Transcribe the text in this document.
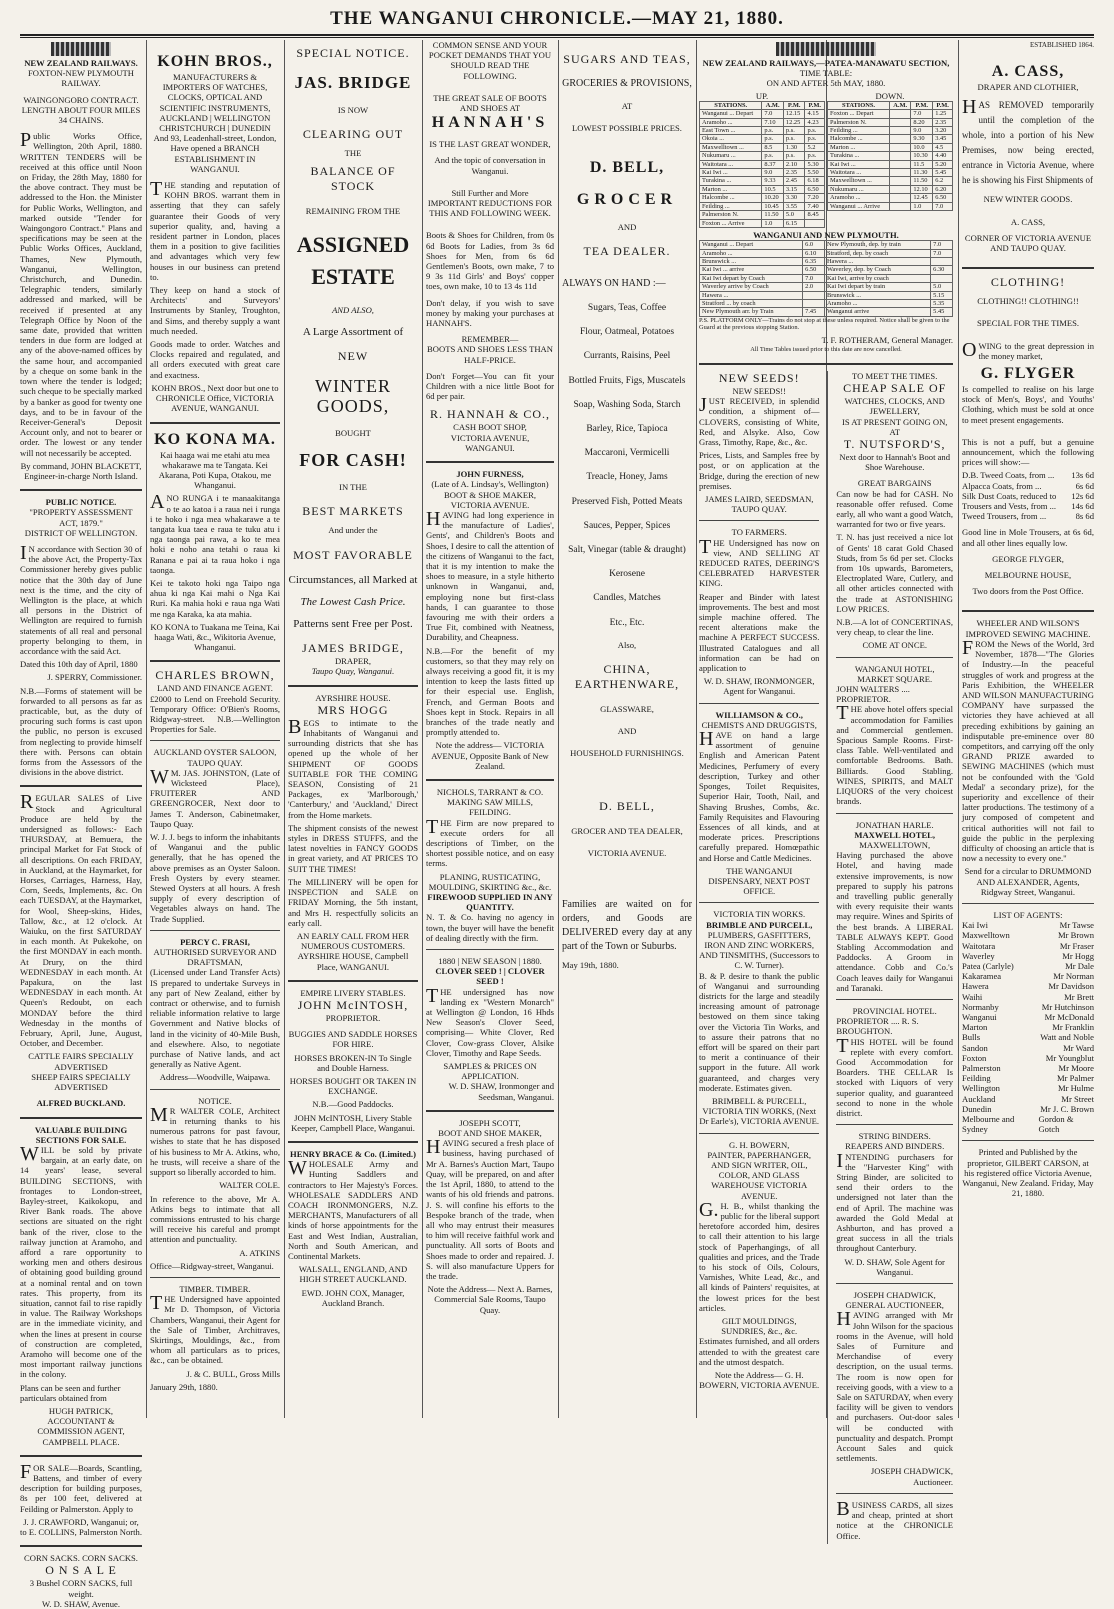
THE WANGANUI CHRONICLE.—MAY 21, 1880.
NEW ZEALAND RAILWAYS.
FOXTON-NEW PLYMOUTH RAILWAY.
WAINGONGORO CONTRACT.
LENGTH ABOUT FOUR MILES 34 CHAINS.

Public Works Office, Wellington, 20th April, 1880. WRITTEN TENDERS will be received at this office until Noon on Friday, the 28th May, 1880 for the above contract. They must be addressed to the Hon. the Minister for Public Works, Wellington, and marked outside "Tender for Waingongoro Contract." Plans and specifications may be seen at the Public Works Offices, Auckland, Thames, New Plymouth, Wanganui, Wellington, Christchurch, and Dunedin. Telegraphic tenders, similarly addressed and marked, will be received if presented at any Telegraph Office by Noon of the same date, provided that written tenders in due form are lodged at any of the above-named offices by the same hour, and accompanied by a cheque on some bank in the town where the tender is lodged; such cheque to be specially marked by a banker as good for twenty one days, and to be in favour of the Receiver-General's Deposit Account only, and not to bearer or order. The lowest or any tender will not necessarily be accepted.

By command, JOHN BLACKETT, Engineer-in-charge North Island.

PUBLIC NOTICE.
"PROPERTY ASSESSMENT ACT, 1879."
DISTRICT OF WELLINGTON.

IN accordance with Section 30 of the above Act, the Property-Tax Commissioner hereby gives public notice that the 30th day of June next is the time, and the city of Wellington is the place, at which all persons in the District of Wellington are required to furnish statements of all real and personal property belonging to them, in accordance with the said Act.

Dated this 10th day of April, 1880

J. SPERRY, Commissioner.

N.B.—Forms of statement will be forwarded to all persons as far as practicable, but, as the duty of procuring such forms is cast upon the public, no person is excused from neglecting to provide himself there with. Persons can obtain forms from the Assessors of the divisions in the above district.

REGULAR SALES of Live Stock and Agricultural Produce are held by the undersigned as follows:- Each THURSDAY, at Bemuera, the principal Market for Fat Stock of all descriptions. On each FRIDAY, in Auckland, at the Haymarket, for Horses, Carriages, Harness, Hay, Corn, Seeds, Implements, &c. On each TUESDAY, at the Haymarket, for Wool, Sheep-skins, Hides, Tallow, &c., at 12 o'clock. At Waiuku, on the first SATURDAY in each month. At Pukekohe, on the first MONDAY in each month. At Drury, on the third WEDNESDAY in each month. At Papakura, on the last WEDNESDAY in each month. At Queen's Redoubt, on each MONDAY before the third Wednesday in the months of February, April, June, August, October, and December.

CATTLE FAIRS SPECIALLY ADVERTISED
SHEEP FAIRS SPECIALLY ADVERTISED
ALFRED BUCKLAND.
VALUABLE BUILDING SECTIONS FOR SALE.

WILL be sold by private bargain, at an early date, on 14 years' lease, several BUILDING SECTIONS, with frontages to London-street, Bayley-street, Kaikokopu, and River Bank roads. The above sections are situated on the right bank of the river, close to the railway junction at Aramoho, and afford a rare opportunity to working men and others desirous of obtaining good building ground at a nominal rental and on town rates. This property, from its situation, cannot fail to rise rapidly in value. The Railway Workshops are in the immediate vicinity, and when the lines at present in course of construction are completed, Aramoho will become one of the most important railway junctions in the colony.

Plans can be seen and further particulars obtained from

HUGH PATRICK, ACCOUNTANT & COMMISSION AGENT, CAMPBELL PLACE.

FOR SALE—Boards, Scantling, Battens, and timber of every description for building purposes, 8s per 100 feet, delivered at Feilding or Palmerston. Apply to

J. J. CRAWFORD, Wanganui; or, to E. COLLINS, Palmerston North.

CORN SACKS. CORN SACKS.
O N S A L E
3 Bushel CORN SACKS, full weight.
W. D. SHAW, Avenue.
KOHN BROS.,
MANUFACTURERS & IMPORTERS OF WATCHES, CLOCKS, OPTICAL AND SCIENTIFIC INSTRUMENTS,
AUCKLAND | WELLINGTON CHRISTCHURCH | DUNEDIN
And 93, Leadenhall-street, London, Have opened a BRANCH ESTABLISHMENT IN WANGANUI.

THE standing and reputation of KOHN BROS. warrant them in asserting that they can safely guarantee their Goods of very superior quality, and, having a resident partner in London, places them in a position to give facilities and advantages which very few houses in our business can pretend to.

They keep on hand a stock of Architects' and Surveyors' Instruments by Stanley, Troughton, and Sims, and thereby supply a want much needed.

Goods made to order. Watches and Clocks repaired and regulated, and all orders executed with great care and exactness.

KOHN BROS., Next door but one to CHRONICLE Office, VICTORIA AVENUE, WANGANUI.

KO KONA MA.

Kai haaga wai me etahi atu mea whakarawe ma te Tangata. Kei Akarana, Poti Kupa, Otakou, me Whanganui.

ANO RUNGA i te manaakitanga o te ao katoa i a raua nei i runga i te hoko i nga mea whakarawe a te tangata kua taea e raua te tuku atu i nga taonga pai rawa, a ko te mea hoki e noho ana tetahi o raua ki Ranana e pai ai ta raua hoko i nga taonga.

Kei te takoto hoki nga Taipo nga ahua ki nga Kai mahi o Nga Kai Ruri. Ka mahia hoki e raua nga Wati me nga Karaka, ka ata mahia.

KO KONA to Tuakana me Teina, Kai haaga Wati, &c., Wikitoria Avenue, Whanganui.

CHARLES BROWN,
LAND AND FINANCE AGENT.

£2000 to Lend on Freehold Security. Temporary Office: O'Bien's Rooms, Ridgway-street. N.B.—Wellington Properties for Sale.

AUCKLAND OYSTER SALOON, TAUPO QUAY.

WM. JAS. JOHNSTON, (Late of Wicksteed Place), FRUITERER AND GREENGROCER, Next door to James T. Anderson, Cabinetmaker, Taupo Quay.

W. J. J. begs to inform the inhabitants of Wanganui and the public generally, that he has opened the above premises as an Oyster Saloon. Fresh Oysters by every steamer. Stewed Oysters at all hours. A fresh supply of every description of Vegetables always on hand. The Trade Supplied.

PERCY C. FRASI,
AUTHORISED SURVEYOR AND DRAFTSMAN,

(Licensed under Land Transfer Acts) IS prepared to undertake Surveys in any part of New Zealand, either by contract or otherwise, and to furnish reliable information relative to large Government and Native blocks of land in the vicinity of 40-Mile Bush, and elsewhere. Also, to negotiate purchase of Native lands, and act generally as Native Agent.

Address—Woodville, Waipawa.

NOTICE.

MR WALTER COLE, Architect in returning thanks to his numerous patrons for past favour, wishes to state that he has disposed of his business to Mr A. Atkins, who, he trusts, will receive a share of the support so liberally accorded to him.

WALTER COLE.

In reference to the above, Mr A. Atkins begs to intimate that all commissions entrusted to his charge will receive his careful and prompt attention and punctuality.

A. ATKINS

Office—Ridgway-street, Wanganui.

TIMBER. TIMBER.

THE Undersigned have appointed Mr D. Thompson, of Victoria Chambers, Wanganui, their Agent for the Sale of Timber, Architraves, Skirtings, Mouldings, &c., from whom all particulars as to prices, &c., can be obtained.

J. & C. BULL, Gross Mills

January 29th, 1880.

SPECIAL NOTICE.
JAS. BRIDGE
IS NOW
CLEARING OUT
THE
BALANCE OF STOCK
REMAINING FROM THE
ASSIGNED ESTATE
AND ALSO,
A Large Assortment of
NEW
WINTER GOODS,
BOUGHT
FOR CASH!
IN THE
BEST MARKETS
And under the
MOST FAVORABLE
Circumstances, all Marked at
The Lowest Cash Price.
Patterns sent Free per Post.
JAMES BRIDGE,
DRAPER,
Taupo Quay, Wanganui.
AYRSHIRE HOUSE.
MRS HOGG

BEGS to intimate to the Inhabitants of Wanganui and surrounding districts that she has opened up the whole of her SHIPMENT OF GOODS SUITABLE FOR THE COMING SEASON, Consisting of 21 Packages, ex 'Marlborough,' 'Canterbury,' and 'Auckland,' Direct from the Home markets.

The shipment consists of the newest styles in DRESS STUFFS, and the latest novelties in FANCY GOODS in great variety, and AT PRICES TO SUIT THE TIMES!

The MILLINERY will be open for INSPECTION and SALE on FRIDAY Morning, the 5th instant, and Mrs H. respectfully solicits an early call.

AN EARLY CALL FROM HER NUMEROUS CUSTOMERS.

AYRSHIRE HOUSE, Campbell Place, WANGANUI.

EMPIRE LIVERY STABLES.
JOHN McINTOSH,
PROPRIETOR.

BUGGIES AND SADDLE HORSES FOR HIRE.

HORSES BROKEN-IN To Single and Double Harness.

HORSES BOUGHT OR TAKEN IN EXCHANGE.

N.B.—Good Paddocks.

JOHN McINTOSH, Livery Stable Keeper, Campbell Place, Wanganui.

HENRY BRACE & Co. (Limited.)

WHOLESALE Army and Hunting Saddlers and contractors to Her Majesty's Forces. WHOLESALE SADDLERS AND COACH IRONMONGERS, N.Z. MERCHANTS, Manufacturers of all kinds of horse appointments for the East and West Indian, Australian, North and South American, and Continental Markets.

WALSALL, ENGLAND, AND HIGH STREET AUCKLAND.

EWD. JOHN COX, Manager, Auckland Branch.

COMMON SENSE AND YOUR POCKET DEMANDS THAT YOU SHOULD READ THE FOLLOWING.
THE GREAT SALE OF BOOTS AND SHOES AT
HANNAH'S
IS THE LAST GREAT WONDER,
And the topic of conversation in Wanganui.
Still Further and More IMPORTANT REDUCTIONS FOR THIS AND FOLLOWING WEEK.

Boots & Shoes for Children, from 0s 6d Boots for Ladies, from 3s 6d Shoes for Men, from 6s 6d Gentlemen's Boots, own make, 7 to 9 3s 11d Girls' and Boys' copper toes, own make, 10 to 13 4s 11d

Don't delay, if you wish to save money by making your purchases at HANNAH'S.

REMEMBER—
BOOTS AND SHOES LESS THAN HALF-PRICE.

Don't Forget—You can fit your Children with a nice little Boot for 6d per pair.

R. HANNAH & CO.,
CASH BOOT SHOP,
VICTORIA AVENUE, WANGANUI.
JOHN FURNESS,
(Late of A. Lindsay's, Wellington) BOOT & SHOE MAKER, VICTORIA AVENUE.

HAVING had long experience in the manufacture of Ladies', Gents', and Children's Boots and Shoes, I desire to call the attention of the citizens of Wanganui to the fact, that it is my intention to make the shoes to measure, in a style hitherto unknown in Wanganui, and, employing none but first-class hands, I can guarantee to those favouring me with their orders a True Fit, combined with Neatness, Durability, and Cheapness.

N.B.—For the benefit of my customers, so that they may rely on always receiving a good fit, it is my intention to keep the lasts fitted up for their especial use. English, French, and German Boots and Shoes kept in Stock. Repairs in all branches of the trade neatly and promptly attended to.

Note the address— VICTORIA AVENUE, Opposite Bank of New Zealand.

NICHOLS, TARRANT & CO.
MAKING SAW MILLS, FEILDING.

THE Firm are now prepared to execute orders for all descriptions of Timber, on the shortest possible notice, and on easy terms.

PLANING, RUSTICATING, MOULDING, SKIRTING &c., &c.
FIREWOOD SUPPLIED IN ANY QUANTITY.

N. T. & Co. having no agency in town, the buyer will have the benefit of dealing directly with the firm.

1880 | NEW SEASON | 1880.
CLOVER SEED ! | CLOVER SEED !

THE undersigned has now landing ex "Western Monarch" at Wellington @ London, 16 Hhds New Season's Clover Seed, comprising— White Clover, Red Clover, Cow-grass Clover, Alsike Clover, Timothy and Rape Seeds.

SAMPLES & PRICES ON APPLICATION.

W. D. SHAW, Ironmonger and Seedsman, Wanganui.

JOSEPH SCOTT,
BOOT AND SHOE MAKER,

HAVING secured a fresh place of business, having purchased of Mr A. Barnes's Auction Mart, Taupo Quay, will be prepared, on and after the 1st April, 1880, to attend to the wants of his old friends and patrons. J. S. will confine his efforts to the Bespoke branch of the trade, when all who may entrust their measures to him will receive faithful work and punctuality. All sorts of Boots and Shoes made to order and repaired. J. S. will also manufacture Uppers for the trade.

Note the Address— Next A. Barnes, Commercial Sale Rooms, Taupo Quay.

SUGARS AND TEAS,
GROCERIES & PROVISIONS,
AT
LOWEST POSSIBLE PRICES.
D. BELL,
GROCER
AND
TEA DEALER.
ALWAYS ON HAND :—
Sugars, Teas, Coffee
Flour, Oatmeal, Potatoes
Currants, Raisins, Peel
Bottled Fruits, Figs, Muscatels
Soap, Washing Soda, Starch
Barley, Rice, Tapioca
Maccaroni, Vermicelli
Treacle, Honey, Jams
Preserved Fish, Potted Meats
Sauces, Pepper, Spices
Salt, Vinegar (table & draught)
Kerosene
Candles, Matches
Etc., Etc.
Also,
CHINA, EARTHENWARE,
GLASSWARE,
AND
HOUSEHOLD FURNISHINGS.
D. BELL,
GROCER AND TEA DEALER,
VICTORIA AVENUE.

Families are waited on for orders, and Goods are DELIVERED every day at any part of the Town or Suburbs.

May 19th, 1880.
NEW ZEALAND RAILWAYS,—PATEA-MANAWATU SECTION,
TIME TABLE:
ON AND AFTER 5th MAY, 1880.
UP.
STATIONS.	A.M.	P.M.	P.M.
Wanganui ... Depart	7.0	12.15	4.15
Aramoho ...	7.10	12.25	4.23
East Town ...	p.s.	p.s.	p.s.
Okoia ...	p.s.	p.s.	p.s.
Maxwelltown ...	8.5	1.30	5.2
Nukumaru ...	p.s.	p.s.	p.s.
Waitotara ...	8.37	2.10	5.30
Kai Iwi ...	9.0	2.35	5.50
Turakina ...	9.33	2.45	6.18
Marton ...	10.5	3.15	6.50
Halcombe ...	10.20	3.30	7.20
Feilding ...	10.45	3.55	7.40
Palmerston N.	11.50	5.0	8.45
Foxton ... Arrive	1.0	6.15	
DOWN.
STATIONS.	A.M.	P.M.	P.M.
Foxton ... Depart		7.0	1.25
Palmerston N.		8.20	2.35
Feilding ...		9.0	3.20
Halcombe ...		9.30	3.45
Marton ...		10.0	4.5
Turakina ...		10.30	4.40
Kai Iwi ...		11.5	5.20
Waitotara ...		11.30	5.45
Maxwelltown ...		11.50	6.2
Nukumaru ...		12.10	6.20
Aramoho ...		12.45	6.50
Wanganui ... Arrive		1.0	7.0
WANGANUI AND NEW PLYMOUTH.
Wanganui ... Depart	6.0	New Plymouth, dep. by train	7.0
Aramoho ...	6.10	Stratford, dep. by coach	7.0
Brunswick ...	6.35	Hawera ...	
Kai Iwi ... arrive	6.50	Waverley, dep. by Coach	6.30
Kai Iwi depart by Coach	7.0	Kai Iwi, arrive by coach	
Waverley arrive by Coach	2.0	Kai Iwi depart by train	5.0
Hawera ...		Brunswick ...	5.15
Stratford ... by coach		Aramoho ...	5.35
New Plymouth arr. by Train	7.45	Wanganui arrive	5.45

P.S. PLATFORM ONLY—Trains do not stop at these unless required. Notice shall be given to the Guard at the previous stopping Station.

T. F. ROTHERAM, General Manager.
All Time Tables issued prior to this date are now cancelled.
NEW SEEDS!
NEW SEEDS!!

JUST RECEIVED, in splendid condition, a shipment of— CLOVERS, consisting of White, Red, and Alsyke. Also, Cow Grass, Timothy, Rape, &c., &c.

Prices, Lists, and Samples free by post, or on application at the Bridge, during the erection of new premises.

JAMES LAIRD, SEEDSMAN, TAUPO QUAY.

TO FARMERS.

THE Undersigned has now on view, AND SELLING AT REDUCED RATES, DEERING'S CELEBRATED HARVESTER KING.

Reaper and Binder with latest improvements. The best and most simple machine offered. The recent alterations make the machine A PERFECT SUCCESS. Illustrated Catalogues and all information can be had on application to

W. D. SHAW, IRONMONGER, Agent for Wanganui.

WILLIAMSON & CO.,
CHEMISTS AND DRUGGISTS,

HAVE on hand a large assortment of genuine English and American Patent Medicines, Perfumery of every description, Turkey and other Sponges, Toilet Requisites, Superior Hair, Tooth, Nail, and Shaving Brushes, Combs, &c. Family Requisites and Flavouring Essences of all kinds, and at moderate prices. Prescriptions carefully prepared. Homœpathic and Horse and Cattle Medicines.

THE WANGANUI DISPENSARY, NEXT POST OFFICE.
VICTORIA TIN WORKS.
BRIMBLE AND PURCELL,
PLUMBERS, GASFITTERS, IRON AND ZINC WORKERS, AND TINSMITHS, (Successors to C. W. Turner).

B. & P. desire to thank the public of Wanganui and surrounding districts for the large and steadily increasing amount of patronage bestowed on them since taking over the Victoria Tin Works, and to assure their patrons that no effort will be spared on their part to merit a continuance of their support in the future. All work guaranteed, and charges very moderate. Estimates given.

BRIMBELL & PURCELL, VICTORIA TIN WORKS, (Next Dr Earle's), VICTORIA AVENUE.

G. H. BOWERN,
PAINTER, PAPERHANGER, AND SIGN WRITER, OIL, COLOR, AND GLASS WAREHOUSE VICTORIA AVENUE.

G.H. B., whilst thanking the public for the liberal support heretofore accorded him, desires to call their attention to his large stock of Paperhangings, of all qualities and prices, and the Trade to his stock of Oils, Colours, Varnishes, White Lead, &c., and all kinds of Painters' requisites, at the lowest prices for the best articles.

GILT MOULDINGS, SUNDRIES, &c., &c.

Estimates furnished, and all orders attended to with the greatest care and the utmost despatch.

Note the Address— G. H. BOWERN, VICTORIA AVENUE.

TO MEET THE TIMES.
CHEAP SALE OF
WATCHES, CLOCKS, AND JEWELLERY,
IS AT PRESENT GOING ON, AT
T. NUTSFORD'S,
Next door to Hannah's Boot and Shoe Warehouse.
GREAT BARGAINS

Can now be had for CASH. No reasonable offer refused. Come early, all who want a good Watch, warranted for two or five years.

T. N. has just received a nice lot of Gents' 18 carat Gold Chased Studs, from 5s 6d per set. Clocks from 10s upwards, Barometers, Electroplated Ware, Cutlery, and all other articles connected with the trade at ASTONISHING LOW PRICES.

N.B.—A lot of CONCERTINAS, very cheap, to clear the line.

COME AT ONCE.
WANGANUI HOTEL,
MARKET SQUARE.
JOHN WALTERS .... PROPRIETOR.

THE above hotel offers special accommodation for Families and Commercial gentlemen. Spacious Sample Rooms. First-class Table. Well-ventilated and comfortable Bedrooms. Bath. Billiards. Good Stabling. WINES, SPIRITS, and MALT LIQUORS of the very choicest brands.

JONATHAN HARLE.
MAXWELL HOTEL,
MAXWELLTOWN,

Having purchased the above Hotel, and having made extensive improvements, is now prepared to supply his patrons and travelling public generally with every requisite their wants may require. Wines and Spirits of the best brands. A LIBERAL TABLE ALWAYS KEPT. Good Stabling Accommodation and Paddocks. A Groom in attendance. Cobb and Co.'s Coach leaves daily for Wanganui and Taranaki.

PROVINCIAL HOTEL.
PROPRIETOR .... R. S. BROUGHTON.

THIS HOTEL will be found replete with every comfort. Good Accommodation for Boarders. THE CELLAR Is stocked with Liquors of very superior quality, and guaranteed second to none in the whole district.

STRING BINDERS.
REAPERS AND BINDERS.

INTENDING purchasers for the "Harvester King" with String Binder, are solicited to send their orders to the undersigned not later than the end of April. The machine was awarded the Gold Medal at Ashburton, and has proved a great success in all the trials throughout Canterbury.

W. D. SHAW, Sole Agent for Wanganui.

JOSEPH CHADWICK, GENERAL AUCTIONEER,

HAVING arranged with Mr John Wilson for the spacious rooms in the Avenue, will hold Sales of Furniture and Merchandise of every description, on the usual terms. The room is now open for receiving goods, with a view to a Sale on SATURDAY, when every facility will be given to vendors and purchasers. Out-door sales will be conducted with punctuality and despatch. Prompt Account Sales and quick settlements.

JOSEPH CHADWICK, Auctioneer.

BUSINESS CARDS, all sizes and cheap, printed at short notice at the CHRONICLE Office.

ESTABLISHED 1864.
A. CASS,
DRAPER AND CLOTHIER,

HAS REMOVED temporarily until the completion of the whole, into a portion of his New Premises, now being erected, entrance in Victoria Avenue, where he is showing his First Shipments of

NEW WINTER GOODS.
A. CASS,
CORNER OF VICTORIA AVENUE AND TAUPO QUAY.
CLOTHING!
CLOTHING!! CLOTHING!!
SPECIAL FOR THE TIMES.

OWING to the great depression in the money market,

G. FLYGER

Is compelled to realise on his large stock of Men's, Boys', and Youths' Clothing, which must be sold at once to meet present engagements.

This is not a puff, but a genuine announcement, which the following prices will show:—

D.B. Tweed Coats, from ... 13s 6d
Alpacca Coats, from ...	6s 6d
Silk Dust Coats, reduced to 12s 6d
Trousers and Vests, from ... 14s 6d
Tweed Trousers, from ...	8s 6d

Good line in Mole Trousers, at 6s 6d, and all other lines equally low.

GEORGE FLYGER,
MELBOURNE HOUSE,
Two doors from the Post Office.
WHEELER AND WILSON'S IMPROVED SEWING MACHINE.

FROM the News of the World, 3rd November, 1878—"The Glories of Industry.—In the peaceful struggles of work and progress at the Paris Exhibition, the WHEELER AND WILSON MANUFACTURING COMPANY have surpassed the victories they have achieved at all preceding exhibitions by gaining an indisputable pre-eminence over 80 competitors, and carrying off the only GRAND PRIZE awarded to SEWING MACHINES (which must not be confounded with the 'Gold Medal' a secondary prize), for the superiority and excellence of their latter productions. The testimony of a jury composed of competent and critical authorities will not fail to guide the public in the perplexing difficulty of choosing an article that is now a necessity to every one."

Send for a circular to DRUMMOND AND ALEXANDER, Agents, Ridgway Street, Wanganui.

LIST OF AGENTS:
Kai Iwi	Mr Tawse
Maxwelltown	Mr Brown
Waitotara	Mr Fraser
Waverley	Mr Hogg
Patea (Carlyle)	Mr Dale
Kakaramea	Mr Norman
Hawera	Mr Davidson
Waihi	Mr Brett
Normanby	Mr Hutchinson
Wanganui	Mr McDonald
Marton	Mr Franklin
Bulls	Watt and Noble
Sandon	Mr Ward
Foxton	Mr Youngblut
Palmerston	Mr Moore
Feilding	Mr Palmer
Wellington	Mr Hulme
Auckland	Mr Street
Dunedin	Mr J. C. Brown
Melbourne and Sydney
Gordon & Gotch

Printed and Published by the proprietor, GILBERT CARSON, at his registered office Victoria Avenue, Wanganui, New Zealand. Friday, May 21, 1880.
